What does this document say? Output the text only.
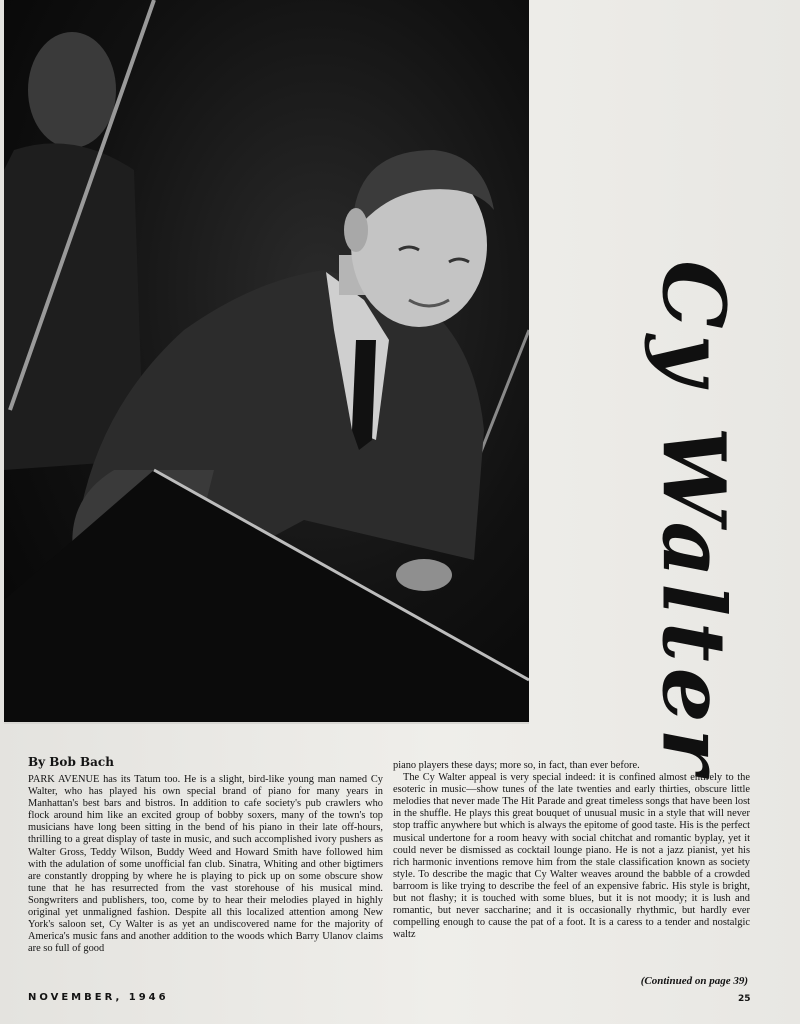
Cy Walter
By Bob Bach

PARK AVENUE has its Tatum too. He is a slight, bird-like young man named Cy Walter, who has played his own special brand of piano for many years in Manhattan's best bars and bistros. In addition to cafe society's pub crawlers who flock around him like an excited group of bobby soxers, many of the town's top musicians have long been sitting in the bend of his piano in their late off-hours, thrilling to a great display of taste in music, and such accomplished ivory pushers as Walter Gross, Teddy Wilson, Buddy Weed and Howard Smith have followed him with the adulation of some unofficial fan club. Sinatra, Whiting and other bigtimers are constantly dropping by where he is playing to pick up on some obscure show tune that he has resurrected from the vast storehouse of his musical mind. Songwriters and publishers, too, come by to hear their melodies played in highly original yet unmaligned fashion. Despite all this localized attention among New York's saloon set, Cy Walter is as yet an undiscovered name for the majority of America's music fans and another addition to the woods which Barry Ulanov claims are so full of good

piano players these days; more so, in fact, than ever before.

The Cy Walter appeal is very special indeed: it is confined almost entirely to the esoteric in music—show tunes of the late twenties and early thirties, obscure little melodies that never made The Hit Parade and great timeless songs that have been lost in the shuffle. He plays this great bouquet of unusual music in a style that will never stop traffic anywhere but which is always the epitome of good taste. His is the perfect musical undertone for a room heavy with social chitchat and romantic byplay, yet it could never be dismissed as cocktail lounge piano. He is not a jazz pianist, yet his rich harmonic inventions remove him from the stale classification known as society style. To describe the magic that Cy Walter weaves around the babble of a crowded barroom is like trying to describe the feel of an expensive fabric. His style is bright, but not flashy; it is touched with some blues, but it is not moody; it is lush and romantic, but never saccharine; and it is occasionally rhythmic, but hardly ever compelling enough to cause the pat of a foot. It is a caress to a tender and nostalgic waltz

(Continued on page 39)
NOVEMBER, 1946	25
